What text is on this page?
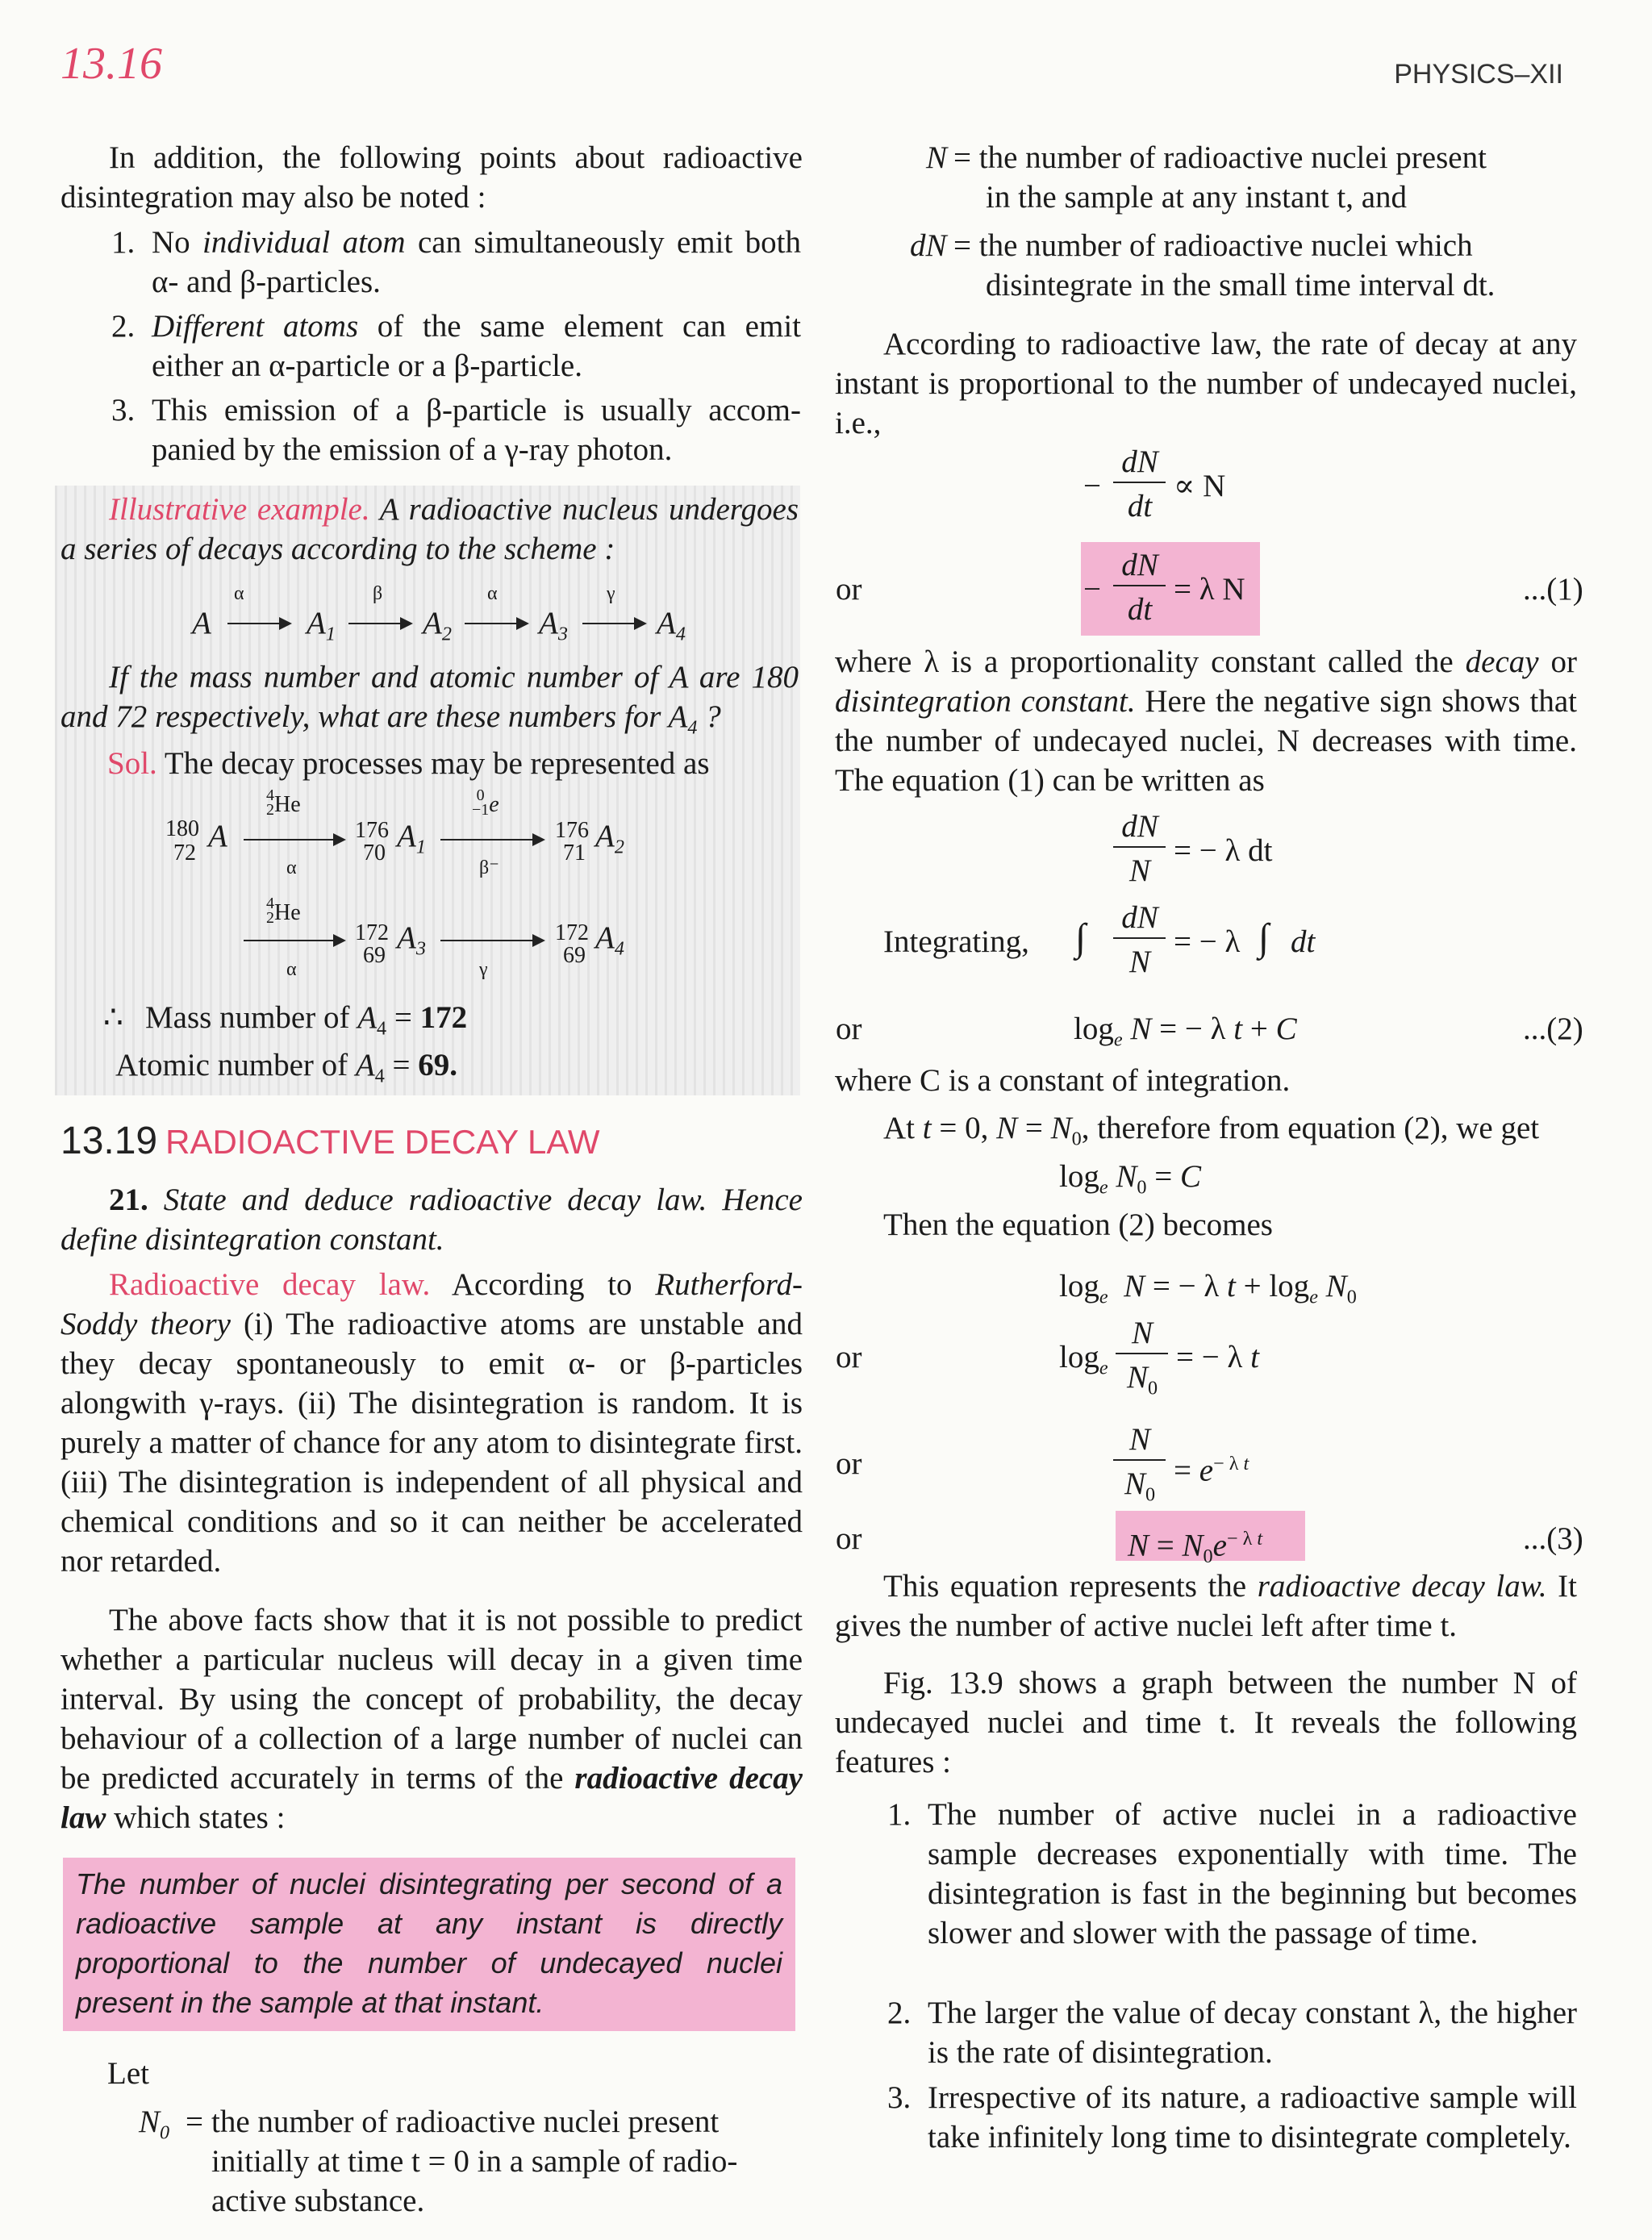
13.16	PHYSICS–XII

In addition, the following points about radioactive disintegration may also be noted :

1. No individual atom can simultaneously emit both α- and β-particles.
2. Different atoms of the same element can emit either an α-particle or a β-particle.
3. This emission of a β-particle is usually accom-panied by the emission of a γ-ray photon.

Illustrative example. A radioactive nucleus undergoes a series of decays according to the scheme :

A
α
$A_1$
β
$A_2$
α
$A_3$
γ
$A_4$

If the mass number and atomic number of A are 180 and 72 respectively, what are these numbers for $A_4$ ?

Sol. The decay processes may be represented as

180
72 A
4
2He
α
176
70 $A_1$
0
−1e
β⁻
176
71 $A_2$
4
2He
α
172
69
$A_3$
γ
172
69
$A_4$
∴ Mass number of $A_4 = 172$
Atomic number of $A_4 = 69$.
13.19 RADIOACTIVE DECAY LAW

21. State and deduce radioactive decay law. Hence define disintegration constant.

Radioactive decay law. According to Rutherford-Soddy theory (i) The radioactive atoms are unstable and they decay spontaneously to emit α- or β-particles alongwith γ-rays. (ii) The disintegration is random. It is purely a matter of chance for any atom to disintegrate first. (iii) The disintegration is independent of all physical and chemical conditions and so it can neither be accelerated nor retarded.

The above facts show that it is not possible to predict whether a particular nucleus will decay in a given time interval. By using the concept of probability, the decay behaviour of a collection of a large number of nuclei can be predicted accurately in terms of the radioactive decay law which states :

The number of nuclei disintegrating per second of a radioactive sample at any instant is directly proportional to the number of undecayed nuclei present in the sample at that instant.
Let
$N_0$ = the number of radioactive nuclei present initially at time t = 0 in a sample of radio-active substance.

N = the number of radioactive nuclei present
in the sample at any instant t, and
dN = the number of radioactive nuclei which
disintegrate in the small time interval dt.

According to radioactive law, the rate of decay at any instant is proportional to the number of undecayed nuclei, i.e.,

−
dN
dt
∝ N
or	−
dN
dt
= λ N	...(1)

where λ is a proportionality constant called the decay or disintegration constant. Here the negative sign shows that the number of undecayed nuclei, N decreases with time. The equation (1) can be written as

dN
N
= − λ dt
Integrating, ∫ dN
N
= − λ ∫ dt
or	$\log_e N$ = − λ t + C	...(2)

where C is a constant of integration.

At t = 0, $N = N_0$, therefore from equation (2), we get

$\log_e N_0 = C$

Then the equation (2) becomes

$\log_e N$ = − λ $t + \log_e N_0$
or	$\log_e$
N
$N_0$
= − λ t
or
N
$N_0$
= $e^{- \lambda t}$
or	$N = N_0e^{- \lambda t}$	...(3)

This equation represents the radioactive decay law. It gives the number of active nuclei left after time t.

Fig. 13.9 shows a graph between the number N of undecayed nuclei and time t. It reveals the following features :

1. The number of active nuclei in a radioactive sample decreases exponentially with time. The disintegration is fast in the beginning but becomes slower and slower with the passage of time.
2. The larger the value of decay constant λ, the higher is the rate of disintegration.
3. Irrespective of its nature, a radioactive sample will take infinitely long time to disintegrate completely.
